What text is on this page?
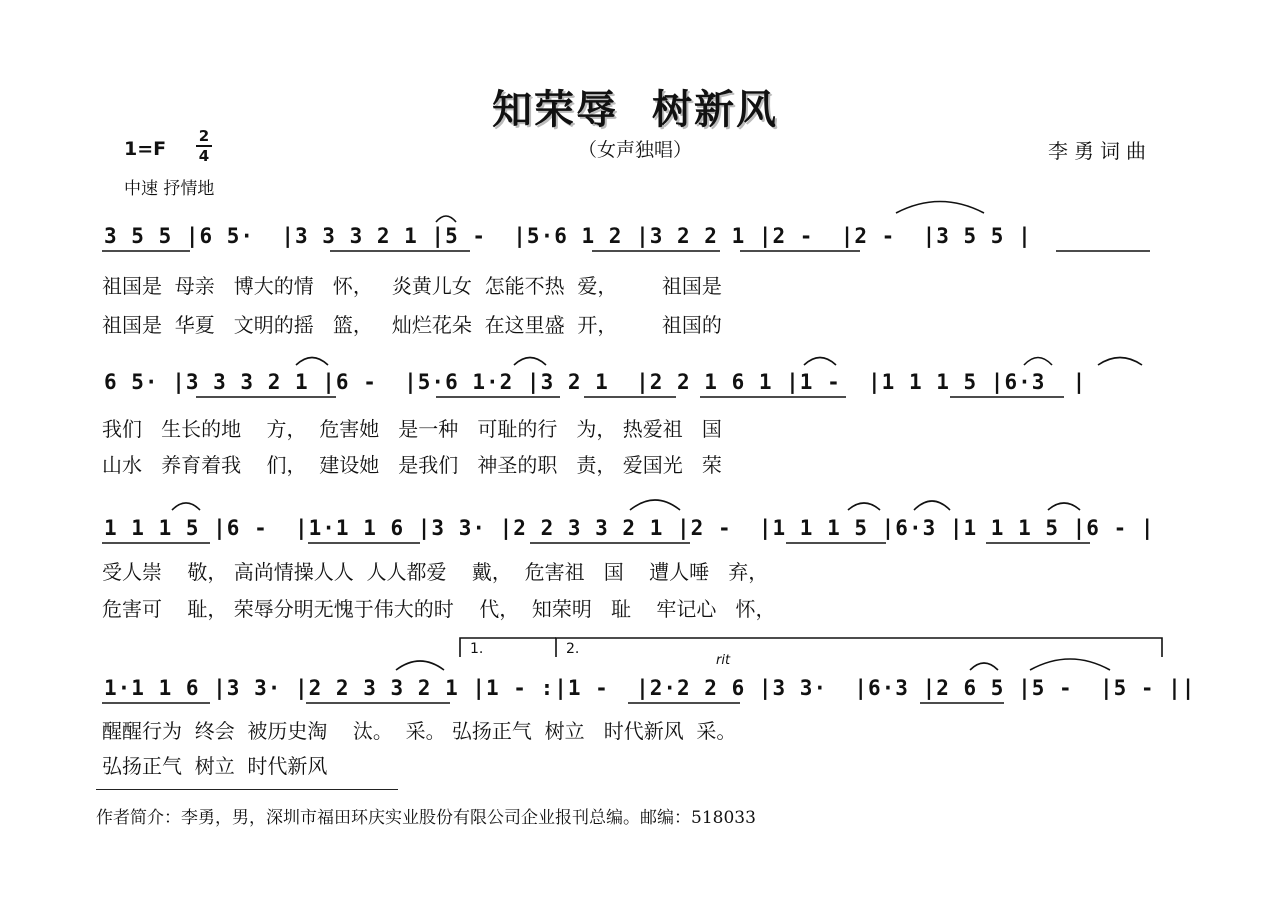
知荣辱 树新风
（女声独唱）	李勇词曲
1=F
2
4
中速 抒情地
3 5 5 |6 5·  |3 3 3 2 1 |5 -  |5·6 1 2 |3 2 2 1 |2 -  |2 -  |3 5 5 |
祖国是  母亲   博大的情   怀，   炎黄儿女  怎能不热  爱，       祖国是
祖国是  华夏   文明的摇   篮，   灿烂花朵  在这里盛  开，       祖国的
6 5· |3 3 3 2 1 |6 -  |5·6 1·2 |3 2 1  |2 2 1 6 1 |1 -  |1 1 1 5 |6·3  |
我们   生长的地    方，  危害她   是一种   可耻的行   为， 热爱祖   国
山水   养育着我    们，  建设她   是我们   神圣的职   责， 爱国光   荣
1 1 1 5 |6 -  |1·1 1 6 |3 3· |2 2 3 3 2 1 |2 -  |1 1 1 5 |6·3 |1 1 1 5 |6 - |
受人崇    敬， 高尚情操人人  人人都爱    戴，  危害祖   国    遭人唾   弃，
危害可    耻， 荣辱分明无愧于伟大的时    代，  知荣明   耻    牢记心   怀，
1.	2.
rit
1·1 1 6 |3 3· |2 2 3 3 2 1 |1 - :|1 -  |2·2 2 6 |3 3·  |6·3 |2 6 5 |5 -  |5 - ||
醒醒行为  终会  被历史淘    汰。  采。 弘扬正气  树立   时代新风  采。
弘扬正气  树立  时代新风
作者简介：李勇，男，深圳市福田环庆实业股份有限公司企业报刊总编。邮编：518033
